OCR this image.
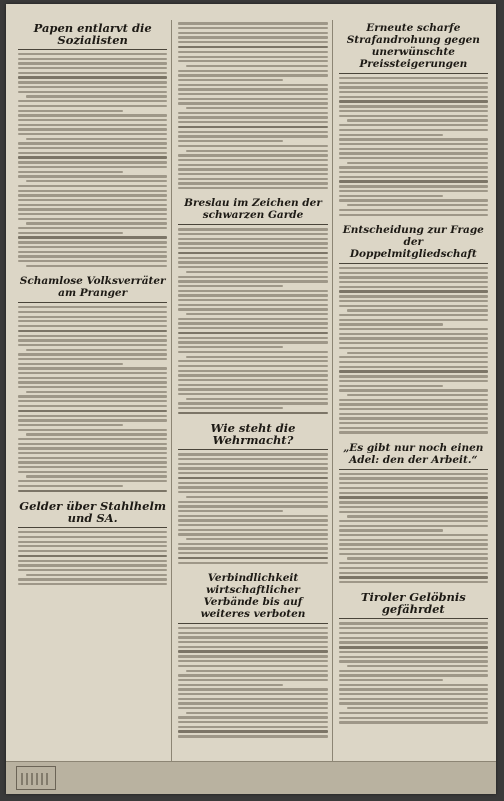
Papen entlarvt die Sozialisten
Schamlose Volksverräter am Pranger
Gelder über Stahlhelm und SA.
Breslau im Zeichen der schwarzen Garde
Wie steht die Wehrmacht?
Verbindlichkeit wirtschaftlicher Verbände bis auf weiteres verboten
Erneute scharfe Strafandrohung gegen unerwünschte Preissteigerungen
Entscheidung zur Frage der Doppelmitgliedschaft
„Es gibt nur noch einen Adel: den der Arbeit.“
Tiroler Gelöbnis gefährdet
